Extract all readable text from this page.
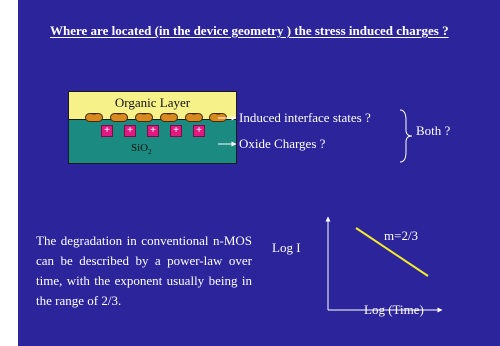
Where are located (in the device geometry ) the stress induced charges ?
Organic Layer
SiO$_2$
−	−	−	−	−	−
+	+	+	+	+
Induced interface states ?
Oxide Charges ?
Both ?
The degradation in conventional n-MOS can be described by a power-law over time, with the exponent usually being in the range of 2/3.
Log I
m=2/3
Log (Time)
